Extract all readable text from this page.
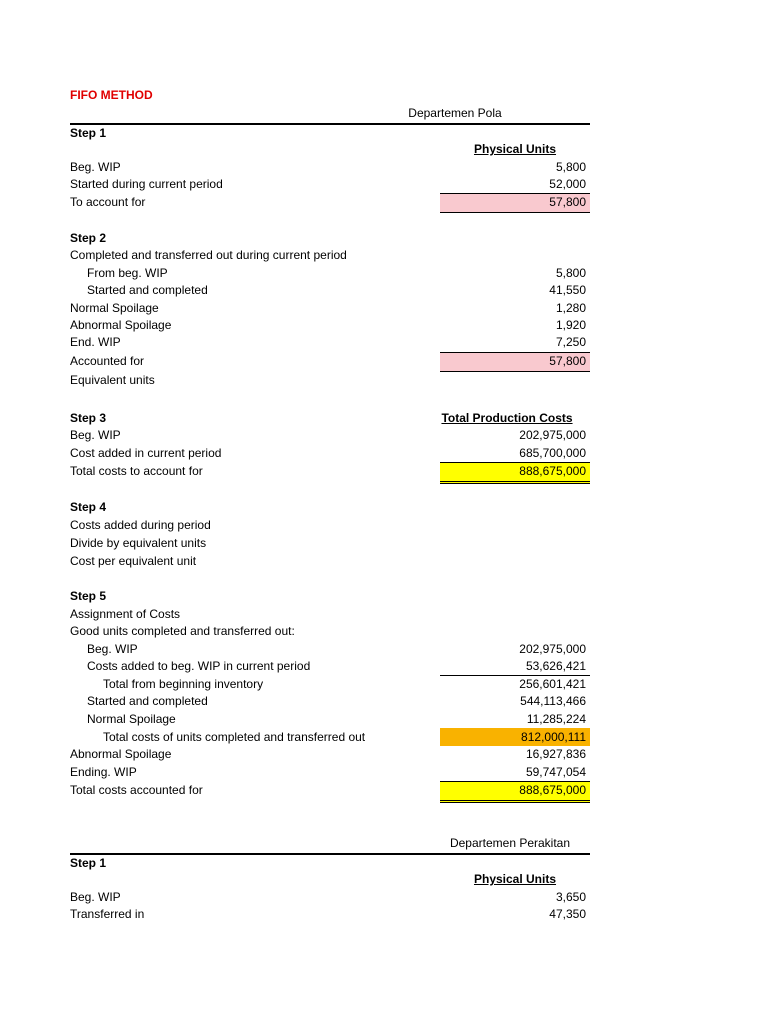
FIFO METHOD
Departemen Pola
Step 1
Physical Units
Beg. WIP	5,800
Started during current period	52,000
To account for	57,800
Step 2
Completed and transferred out during current period
From beg. WIP	5,800
Started and completed	41,550
Normal Spoilage	1,280
Abnormal Spoilage	1,920
End. WIP	7,250
Accounted for	57,800
Equivalent units
Step 3	Total Production Costs
Beg. WIP	202,975,000
Cost added in current period	685,700,000
Total costs to account for	888,675,000
Step 4
Costs added during period
Divide by equivalent units
Cost per equivalent unit
Step 5
Assignment of Costs
Good units completed and transferred out:
Beg. WIP	202,975,000
Costs added to beg. WIP in current period	53,626,421
Total from beginning inventory	256,601,421
Started and completed	544,113,466
Normal Spoilage	11,285,224
Total costs of units completed and transferred out	812,000,111
Abnormal Spoilage	16,927,836
Ending. WIP	59,747,054
Total costs accounted for	888,675,000
Departemen Perakitan
Step 1
Physical Units
Beg. WIP	3,650
Transferred in	47,350
